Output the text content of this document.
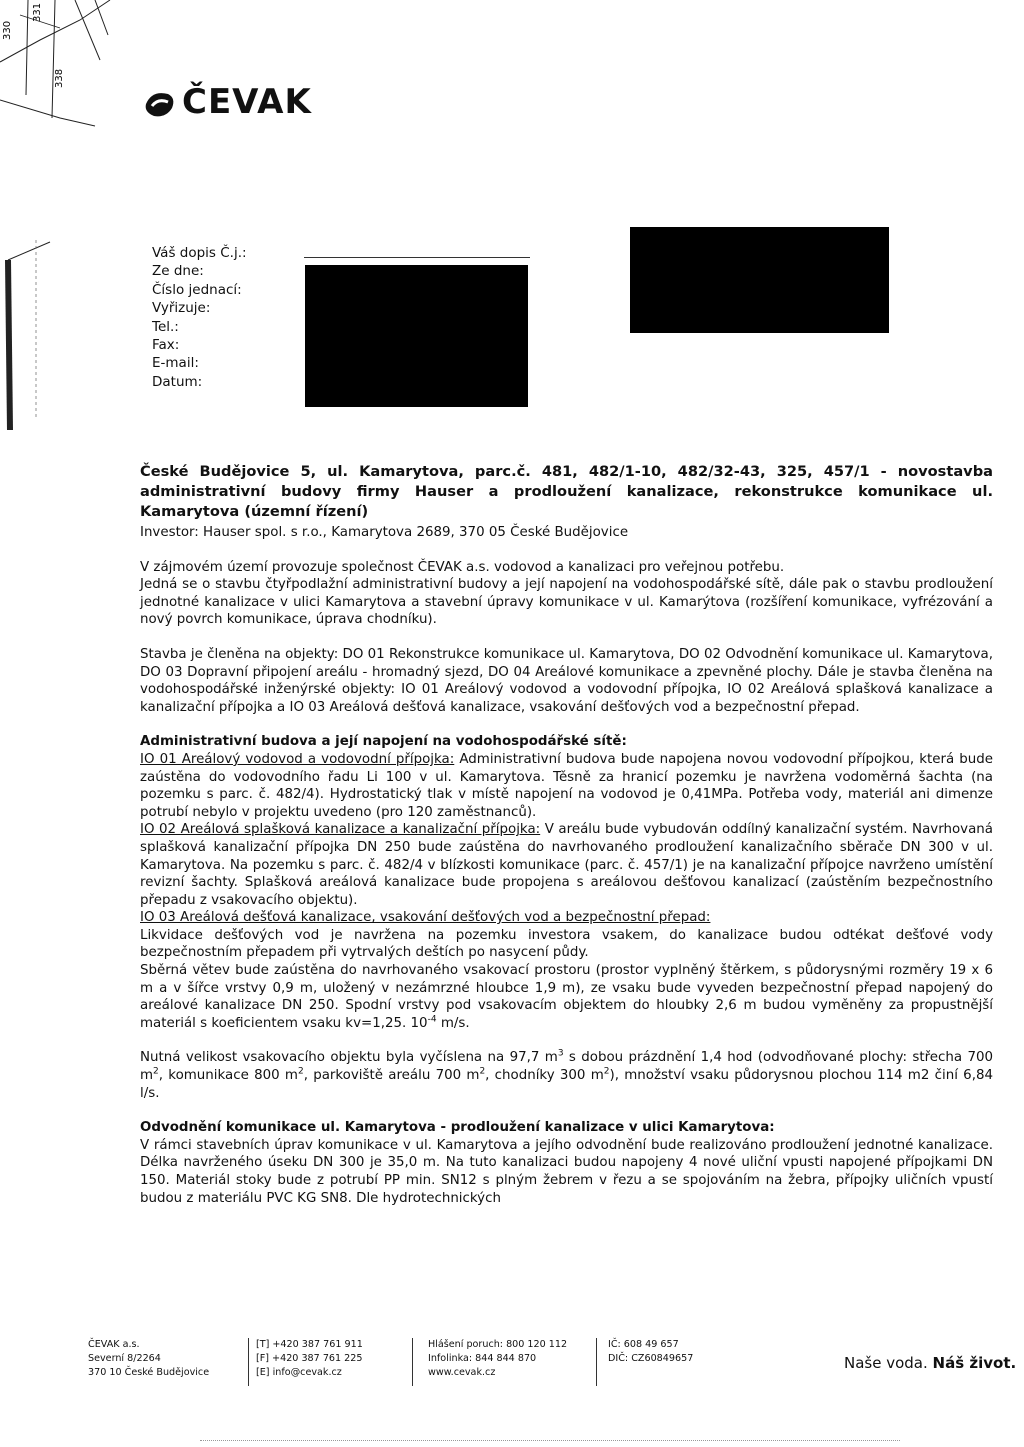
330
331
338
ČEVAK
Váš dopis Č.j.:
Ze dne:
Číslo jednací:
Vyřizuje:
Tel.:
Fax:
E-mail:
Datum:

České Budějovice 5, ul. Kamarytova, parc.č. 481, 482/1-10, 482/32-43, 325, 457/1 - novostavba administrativní budovy firmy Hauser a prodloužení kanalizace, rekonstrukce komunikace ul. Kamarytova (územní řízení)

Investor: Hauser spol. s r.o., Kamarytova 2689, 370 05 České Budějovice

V zájmovém území provozuje společnost ČEVAK a.s. vodovod a kanalizaci pro veřejnou potřebu.

Jedná se o stavbu čtyřpodlažní administrativní budovy a její napojení na vodohospodářské sítě, dále pak o stavbu prodloužení jednotné kanalizace v ulici Kamarytova a stavební úpravy komunikace v ul. Kamarýtova (rozšíření komunikace, vyfrézování a nový povrch komunikace, úprava chodníku).

Stavba je členěna na objekty: DO 01 Rekonstrukce komunikace ul. Kamarytova, DO 02 Odvodnění komunikace ul. Kamarytova, DO 03 Dopravní připojení areálu - hromadný sjezd, DO 04 Areálové komunikace a zpevněné plochy. Dále je stavba členěna na vodohospodářské inženýrské objekty: IO 01 Areálový vodovod a vodovodní přípojka, IO 02 Areálová splašková kanalizace a kanalizační přípojka a IO 03 Areálová dešťová kanalizace, vsakování dešťových vod a bezpečnostní přepad.

Administrativní budova a její napojení na vodohospodářské sítě:

IO 01 Areálový vodovod a vodovodní přípojka: Administrativní budova bude napojena novou vodovodní přípojkou, která bude zaústěna do vodovodního řadu Li 100 v ul. Kamarytova. Těsně za hranicí pozemku je navržena vodoměrná šachta (na pozemku s parc. č. 482/4). Hydrostatický tlak v místě napojení na vodovod je 0,41MPa. Potřeba vody, materiál ani dimenze potrubí nebylo v projektu uvedeno (pro 120 zaměstnanců).

IO 02 Areálová splašková kanalizace a kanalizační přípojka: V areálu bude vybudován oddílný kanalizační systém. Navrhovaná splašková kanalizační přípojka DN 250 bude zaústěna do navrhovaného prodloužení kanalizačního sběrače DN 300 v ul. Kamarytova. Na pozemku s parc. č. 482/4 v blízkosti komunikace (parc. č. 457/1) je na kanalizační přípojce navrženo umístění revizní šachty. Splašková areálová kanalizace bude propojena s areálovou dešťovou kanalizací (zaústěním bezpečnostního přepadu z vsakovacího objektu).

IO 03 Areálová dešťová kanalizace, vsakování dešťových vod a bezpečnostní přepad:

Likvidace dešťových vod je navržena na pozemku investora vsakem, do kanalizace budou odtékat dešťové vody bezpečnostním přepadem při vytrvalých deštích po nasycení půdy.

Sběrná větev bude zaústěna do navrhovaného vsakovací prostoru (prostor vyplněný štěrkem, s půdorysnými rozměry 19 x 6 m a v šířce vrstvy 0,9 m, uložený v nezámrzné hloubce 1,9 m), ze vsaku bude vyveden bezpečnostní přepad napojený do areálové kanalizace DN 250. Spodní vrstvy pod vsakovacím objektem do hloubky 2,6 m budou vyměněny za propustnější materiál s koeficientem vsaku kv=1,25. $10^{-4}$ m/s.

Nutná velikost vsakovacího objektu byla vyčíslena na 97,7 $m^3$ s dobou prázdnění 1,4 hod (odvodňované plochy: střecha 700 $m^2$, komunikace 800 $m^2$, parkoviště areálu 700 $m^2$, chodníky 300 $m^2$), množství vsaku půdorysnou plochou 114 m2 činí 6,84 l/s.

Odvodnění komunikace ul. Kamarytova - prodloužení kanalizace v ulici Kamarytova:

V rámci stavebních úprav komunikace v ul. Kamarytova a jejího odvodnění bude realizováno prodloužení jednotné kanalizace. Délka navrženého úseku DN 300 je 35,0 m. Na tuto kanalizaci budou napojeny 4 nové uliční vpusti napojené přípojkami DN 150. Materiál stoky bude z potrubí PP min. SN12 s plným žebrem v řezu a se spojováním na žebra, přípojky uličních vpustí budou z materiálu PVC KG SN8. Dle hydrotechnických

ČEVAK a.s.
Severní 8/2264
370 10 České Budějovice
[T] +420 387 761 911
[F] +420 387 761 225
[E] info@cevak.cz
Hlášení poruch: 800 120 112
Infolinka: 844 844 870
www.cevak.cz
IČ: 608 49 657
DIČ: CZ60849657	Naše voda. Náš život.
